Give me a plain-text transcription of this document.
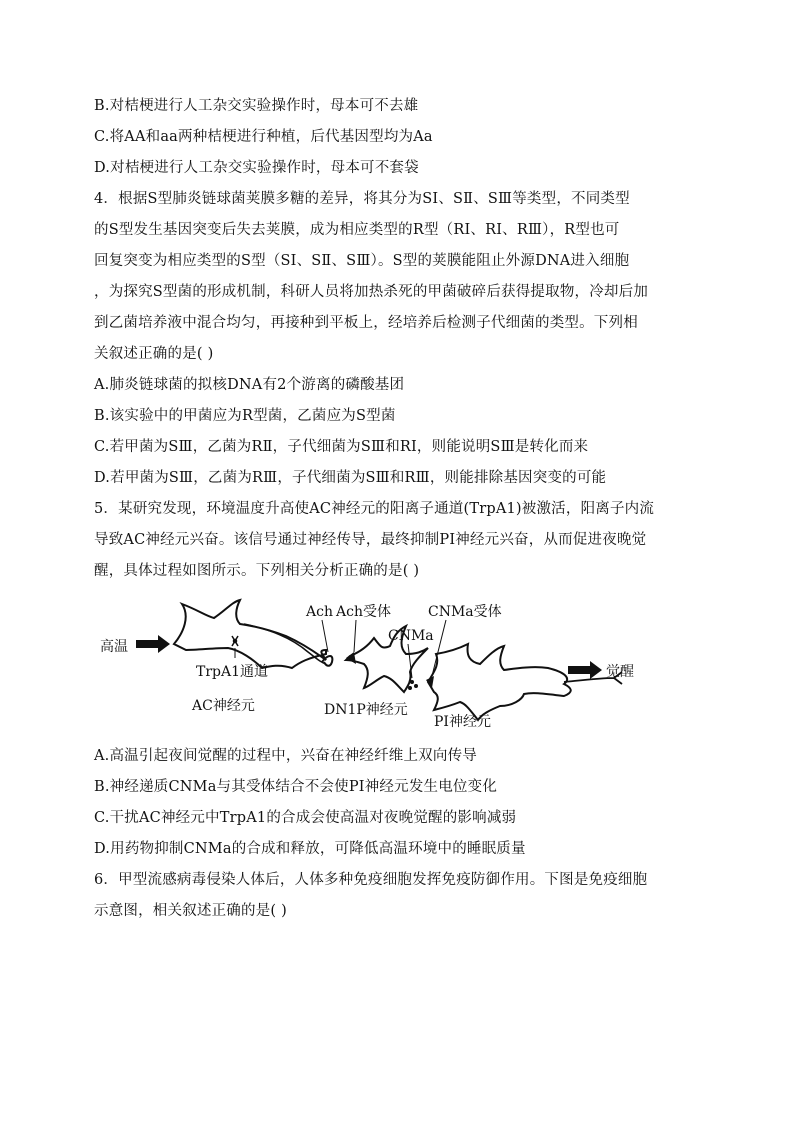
B.对桔梗进行人工杂交实验操作时，母本可不去雄
C.将AA和aa两种桔梗进行种植，后代基因型均为Aa
D.对桔梗进行人工杂交实验操作时，母本可不套袋
4．根据S型肺炎链球菌荚膜多糖的差异，将其分为SⅠ、SⅡ、SⅢ等类型，不同类型
的S型发生基因突变后失去荚膜，成为相应类型的R型（RⅠ、RⅠ、RⅢ），R型也可
回复突变为相应类型的S型（SⅠ、SⅡ、SⅢ）。S型的荚膜能阻止外源DNA进入细胞
，为探究S型菌的形成机制，科研人员将加热杀死的甲菌破碎后获得提取物，冷却后加
到乙菌培养液中混合均匀，再接种到平板上，经培养后检测子代细菌的类型。下列相
关叙述正确的是( )
A.肺炎链球菌的拟核DNA有2个游离的磷酸基团
B.该实验中的甲菌应为R型菌，乙菌应为S型菌
C.若甲菌为SⅢ，乙菌为RⅡ，子代细菌为SⅢ和RⅠ，则能说明SⅢ是转化而来
D.若甲菌为SⅢ，乙菌为RⅢ，子代细菌为SⅢ和RⅢ，则能排除基因突变的可能
5．某研究发现，环境温度升高使AC神经元的阳离子通道(TrpA1)被激活，阳离子内流
导致AC神经元兴奋。该信号通过神经传导，最终抑制PI神经元兴奋，从而促进夜晚觉
醒，具体过程如图所示。下列相关分析正确的是( )
高温
TrpA1通道
AC神经元
Ach Ach受体
CNMa
CNMa受体
DN1P神经元
PI神经元
觉醒
A.高温引起夜间觉醒的过程中，兴奋在神经纤维上双向传导
B.神经递质CNMa与其受体结合不会使PI神经元发生电位变化
C.干扰AC神经元中TrpA1的合成会使高温对夜晚觉醒的影响减弱
D.用药物抑制CNMa的合成和释放，可降低高温环境中的睡眠质量
6．甲型流感病毒侵染人体后，人体多种免疫细胞发挥免疫防御作用。下图是免疫细胞
示意图，相关叙述正确的是( )
